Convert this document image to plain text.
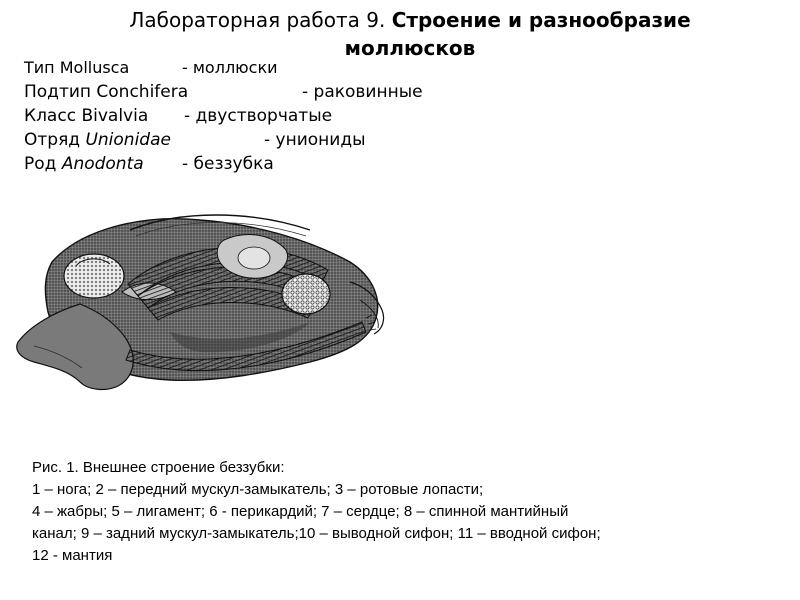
Лабораторная работа 9. Строение и разнообразие
моллюсков
Тип Mollusca	- моллюски
Подтип Conchifera	- раковинные
Класс Bivalvia	- двустворчатые
Отряд Unionidae	- униониды
Род Anodonta	- беззубка
Рис. 1. Внешнее строение беззубки:
1 – нога; 2 – передний мускул-замыкатель; 3 – ротовые лопасти;
4 – жабры; 5 – лигамент; 6 - перикардий; 7 – сердце; 8 – спинной мантийный
канал; 9 – задний мускул-замыкатель;10 – выводной сифон; 11 – вводной сифон;
12 - мантия
